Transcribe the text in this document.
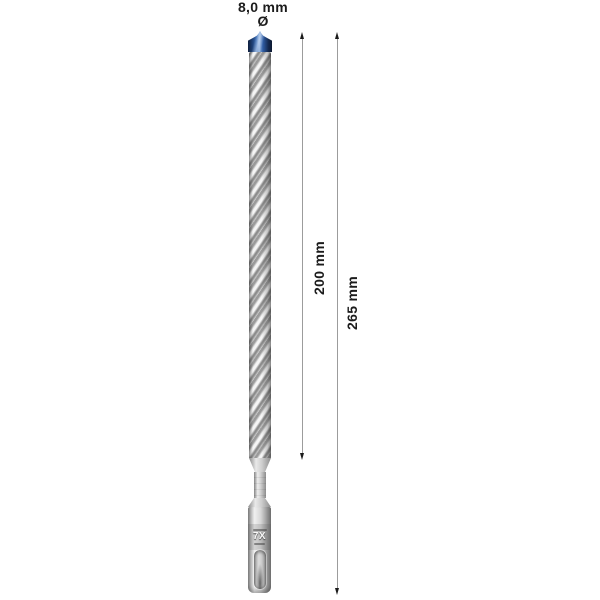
8,0 mm
Ø
7X
200 mm
265 mm
